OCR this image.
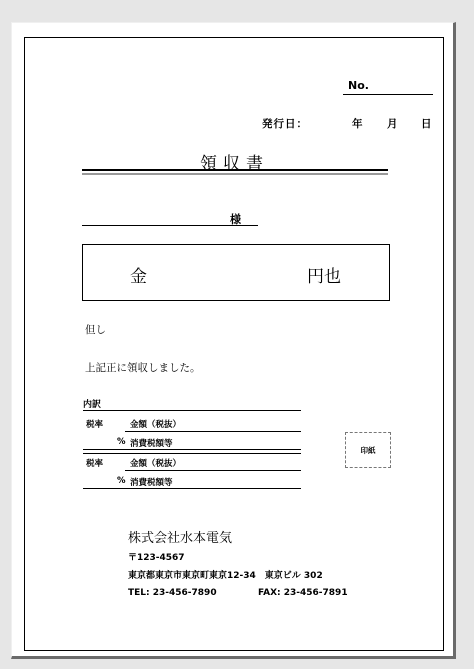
No.
発行日：	年 月 日
領収書
様
金	円也
但し
上記正に領収しました。
内訳
税率	金額（税抜）
% 消費税額等
税率	金額（税抜）
% 消費税額等
印紙
株式会社水本電気
〒123-4567
東京都東京市東京町東京12-34　東京ビル 302
TEL: 23-456-7890	FAX: 23-456-7891
